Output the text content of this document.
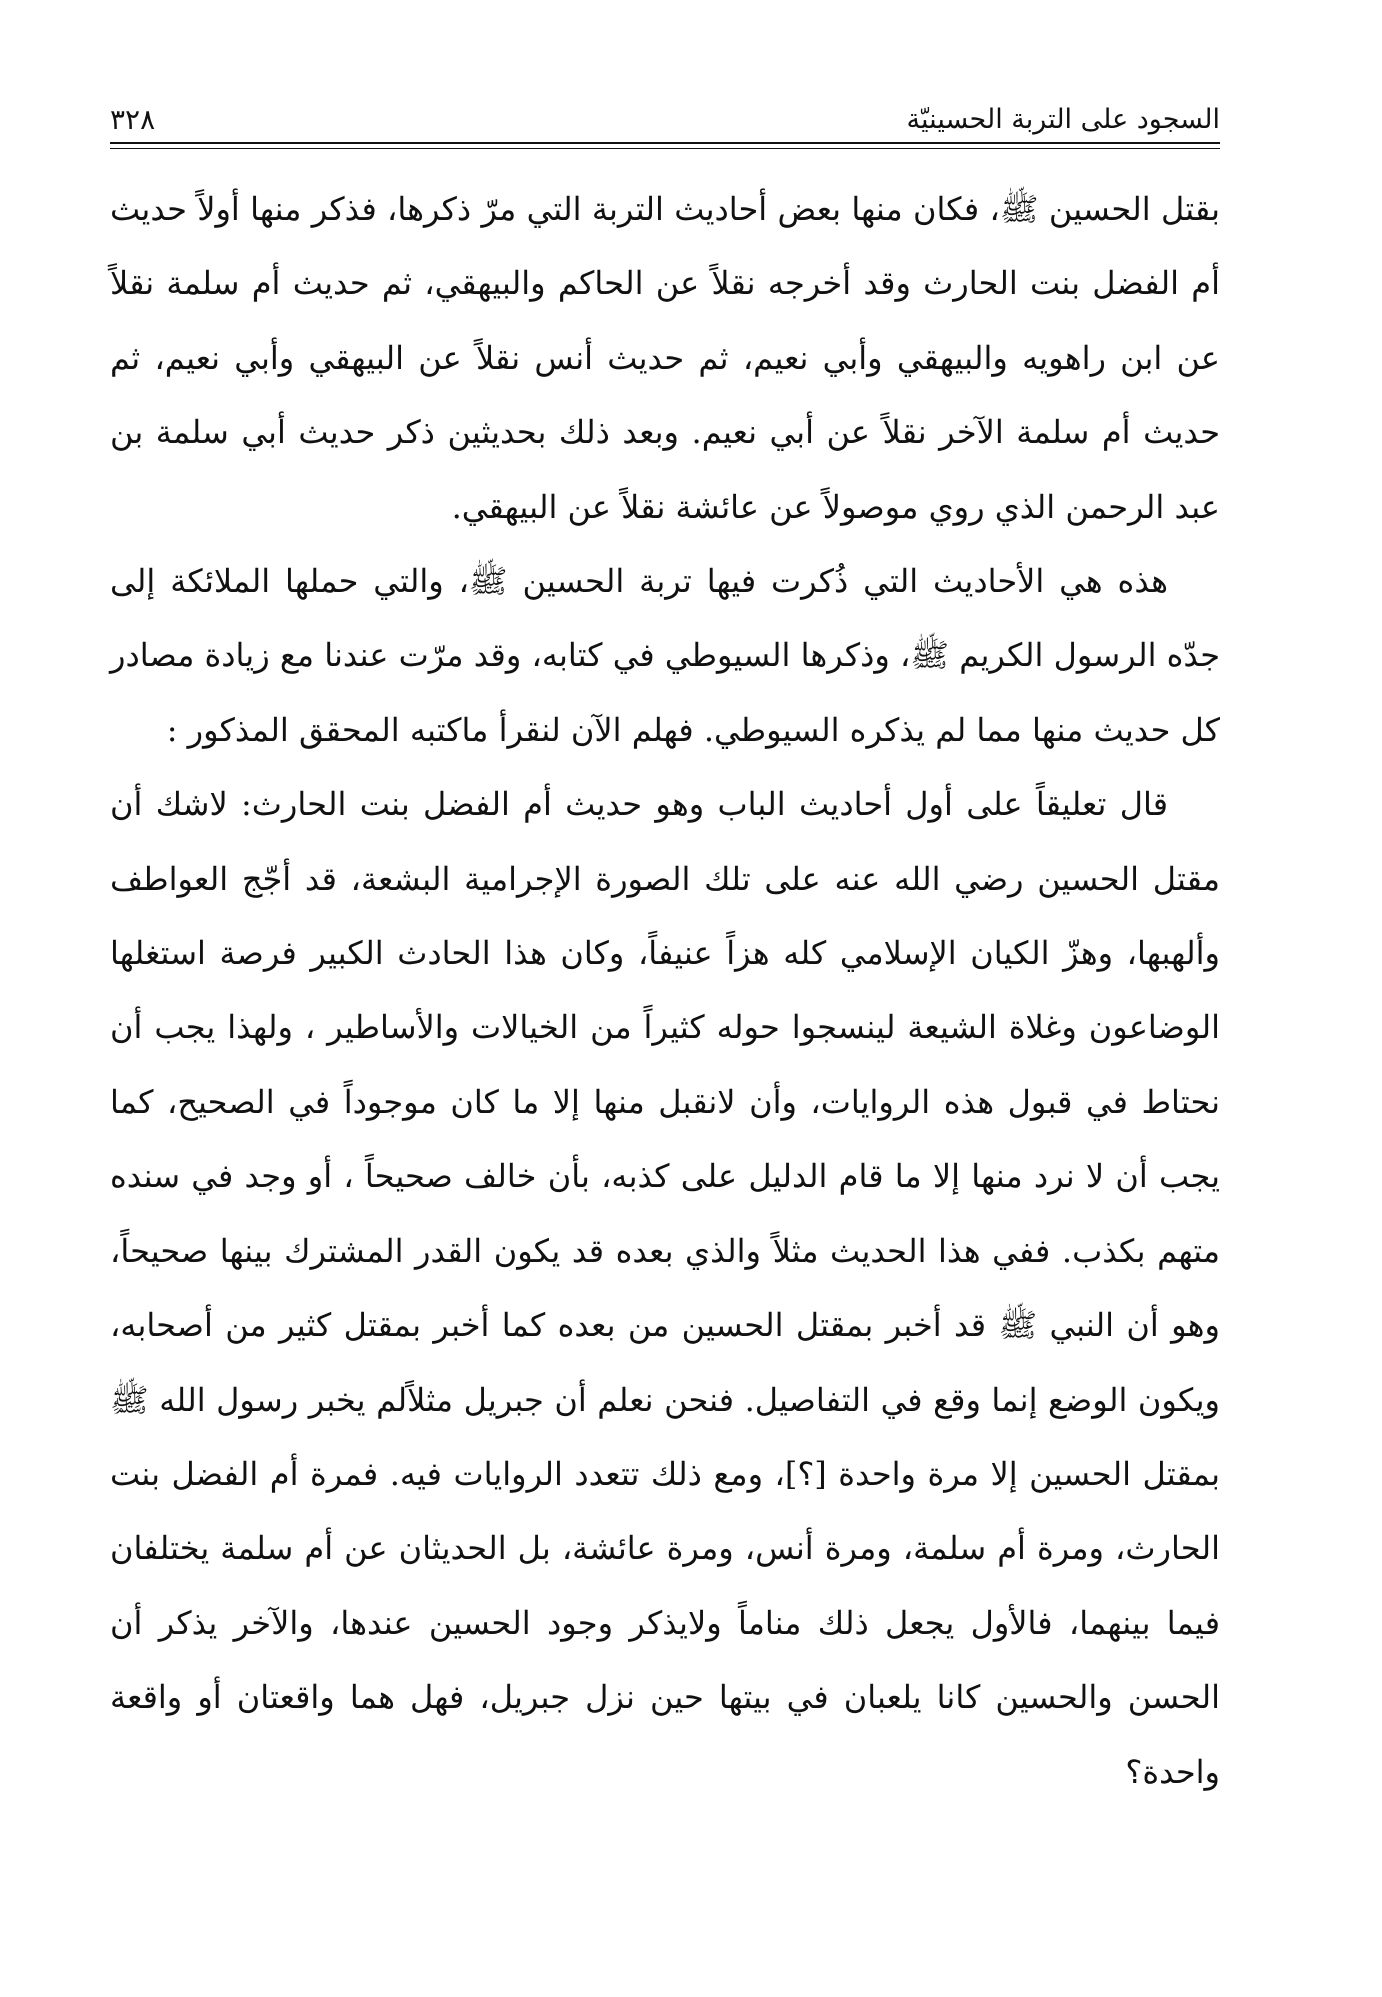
السجود على التربة الحسينيّة
٣٢٨

بقتل الحسين ﷺ، فكان منها بعض أحاديث التربة التي مرّ ذكرها، فذكر منها أولاً حديث أم الفضل بنت الحارث وقد أخرجه نقلاً عن الحاكم والبيهقي، ثم حديث أم سلمة نقلاً عن ابن راهويه والبيهقي وأبي نعيم، ثم حديث أنس نقلاً عن البيهقي وأبي نعيم، ثم حديث أم سلمة الآخر نقلاً عن أبي نعيم. وبعد ذلك بحديثين ذكر حديث أبي سلمة بن عبد الرحمن الذي روي موصولاً عن عائشة نقلاً عن البيهقي.

هذه هي الأحاديث التي ذُكرت فيها تربة الحسين ﷺ، والتي حملها الملائكة إلى جدّه الرسول الكريم ﷺ، وذكرها السيوطي في كتابه، وقد مرّت عندنا مع زيادة مصادر كل حديث منها مما لم يذكره السيوطي. فهلم الآن لنقرأ ماكتبه المحقق المذكور :

قال تعليقاً على أول أحاديث الباب وهو حديث أم الفضل بنت الحارث: لاشك أن مقتل الحسين رضي الله عنه على تلك الصورة الإجرامية البشعة، قد أجّج العواطف وألهبها، وهزّ الكيان الإسلامي كله هزاً عنيفاً، وكان هذا الحادث الكبير فرصة استغلها الوضاعون وغلاة الشيعة لينسجوا حوله كثيراً من الخيالات والأساطير ، ولهذا يجب أن نحتاط في قبول هذه الروايات، وأن لانقبل منها إلا ما كان موجوداً في الصحيح، كما يجب أن لا نرد منها إلا ما قام الدليل على كذبه، بأن خالف صحيحاً ، أو وجد في سنده متهم بكذب. ففي هذا الحديث مثلاً والذي بعده قد يكون القدر المشترك بينها صحيحاً، وهو أن النبي ﷺ قد أخبر بمقتل الحسين من بعده كما أخبر بمقتل كثير من أصحابه، ويكون الوضع إنما وقع في التفاصيل. فنحن نعلم أن جبريل مثلاًلم يخبر رسول الله ﷺ بمقتل الحسين إلا مرة واحدة [؟]، ومع ذلك تتعدد الروايات فيه. فمرة أم الفضل بنت الحارث، ومرة أم سلمة، ومرة أنس، ومرة عائشة، بل الحديثان عن أم سلمة يختلفان فيما بينهما، فالأول يجعل ذلك مناماً ولايذكر وجود الحسين عندها، والآخر يذكر أن الحسن والحسين كانا يلعبان في بيتها حين نزل جبريل، فهل هما واقعتان أو واقعة واحدة؟
